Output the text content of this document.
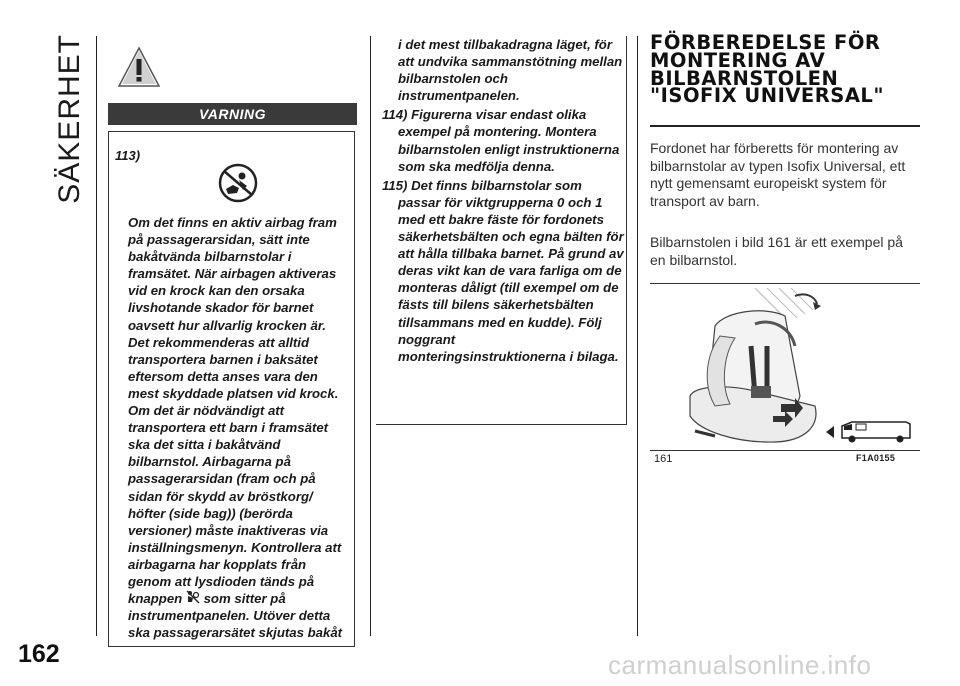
SÄKERHET
162
VARNING
113)

Om det finns en aktiv airbag fram på passagerarsidan, sätt inte bakåtvända bilbarnstolar i framsätet. När airbagen aktiveras vid en krock kan den orsaka livshotande skador för barnet oavsett hur allvarlig krocken är. Det rekommenderas att alltid transportera barnen i baksätet eftersom detta anses vara den mest skyddade platsen vid krock. Om det är nödvändigt att transportera ett barn i framsätet ska det sitta i bakåtvänd bilbarnstol. Airbagarna på passagerarsidan (fram och på sidan för skydd av bröstkorg/ höfter (side bag)) (berörda versioner) måste inaktiveras via inställningsmenyn. Kontrollera att airbagarna har kopplats från genom att lysdioden tänds på knappen som sitter på instrumentpanelen. Utöver detta ska passagerarsätet skjutas bakåt

i det mest tillbakadragna läget, för att undvika sammanstötning mellan bilbarnstolen och instrumentpanelen.

114) Figurerna visar endast olika exempel på montering. Montera bilbarnstolen enligt instruktionerna som ska medfölja denna.

115) Det finns bilbarnstolar som passar för viktgrupperna 0 och 1 med ett bakre fäste för fordonets säkerhetsbälten och egna bälten för att hålla tillbaka barnet. På grund av deras vikt kan de vara farliga om de monteras dåligt (till exempel om de fästs till bilens säkerhetsbälten tillsammans med en kudde). Följ noggrant monteringsinstruktionerna i bilaga.

FÖRBEREDELSE FÖR MONTERING AV BILBARNSTOLEN "ISOFIX UNIVERSAL"

Fordonet har förberetts för montering av bilbarnstolar av typen Isofix Universal, ett nytt gemensamt europeiskt system för transport av barn.

Bilbarnstolen i bild 161 är ett exempel på en bilbarnstol.

161	F1A0155
carmanualsonline.info
